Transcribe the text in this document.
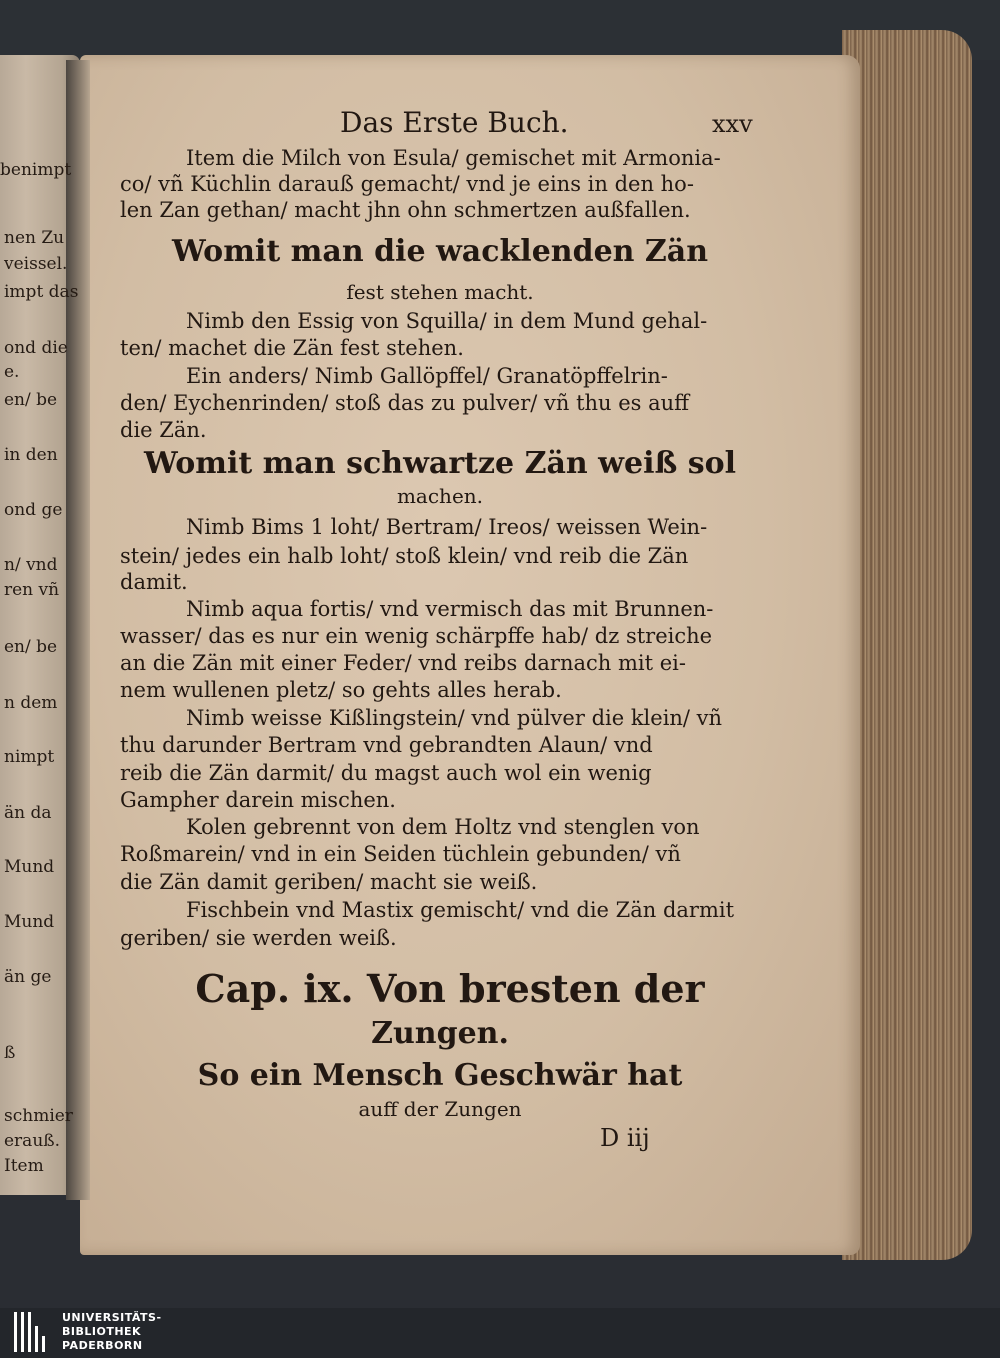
benimpt
nen Zu
veissel.
impt das
ond die
e.
en/ be
in den
ond ge
n/ vnd
ren vñ
en/ be
n dem
nimpt
än da
Mund
Mund
än ge
ß
schmier
erauß.
Item
Das Erste Buch.	xxv
Item die Milch von Esula/ gemischet mit Armonia-
co/ vñ Küchlin darauß gemacht/ vnd je eins in den ho-
len Zan gethan/ macht jhn ohn schmertzen außfallen.
Womit man die wacklenden Zän
fest stehen macht.
Nimb den Essig von Squilla/ in dem Mund gehal-
ten/ machet die Zän fest stehen.
Ein anders/ Nimb Gallöpffel/ Granatöpffelrin-
den/ Eychenrinden/ stoß das zu pulver/ vñ thu es auff
die Zän.
Womit man schwartze Zän weiß sol
machen.
Nimb Bims 1 loht/ Bertram/ Ireos/ weissen Wein-
stein/ jedes ein halb loht/ stoß klein/ vnd reib die Zän
damit.
Nimb aqua fortis/ vnd vermisch das mit Brunnen-
wasser/ das es nur ein wenig schärpffe hab/ dz streiche
an die Zän mit einer Feder/ vnd reibs darnach mit ei-
nem wullenen pletz/ so gehts alles herab.
Nimb weisse Kißlingstein/ vnd pülver die klein/ vñ
thu darunder Bertram vnd gebrandten Alaun/ vnd
reib die Zän darmit/ du magst auch wol ein wenig
Gampher darein mischen.
Kolen gebrennt von dem Holtz vnd stenglen von
Roßmarein/ vnd in ein Seiden tüchlein gebunden/ vñ
die Zän damit geriben/ macht sie weiß.
Fischbein vnd Mastix gemischt/ vnd die Zän darmit
geriben/ sie werden weiß.
Cap. ix. Von bresten der
Zungen.
So ein Mensch Geschwär hat
auff der Zungen
D iij
UNIVERSITÄTS-
BIBLIOTHEK
PADERBORN
